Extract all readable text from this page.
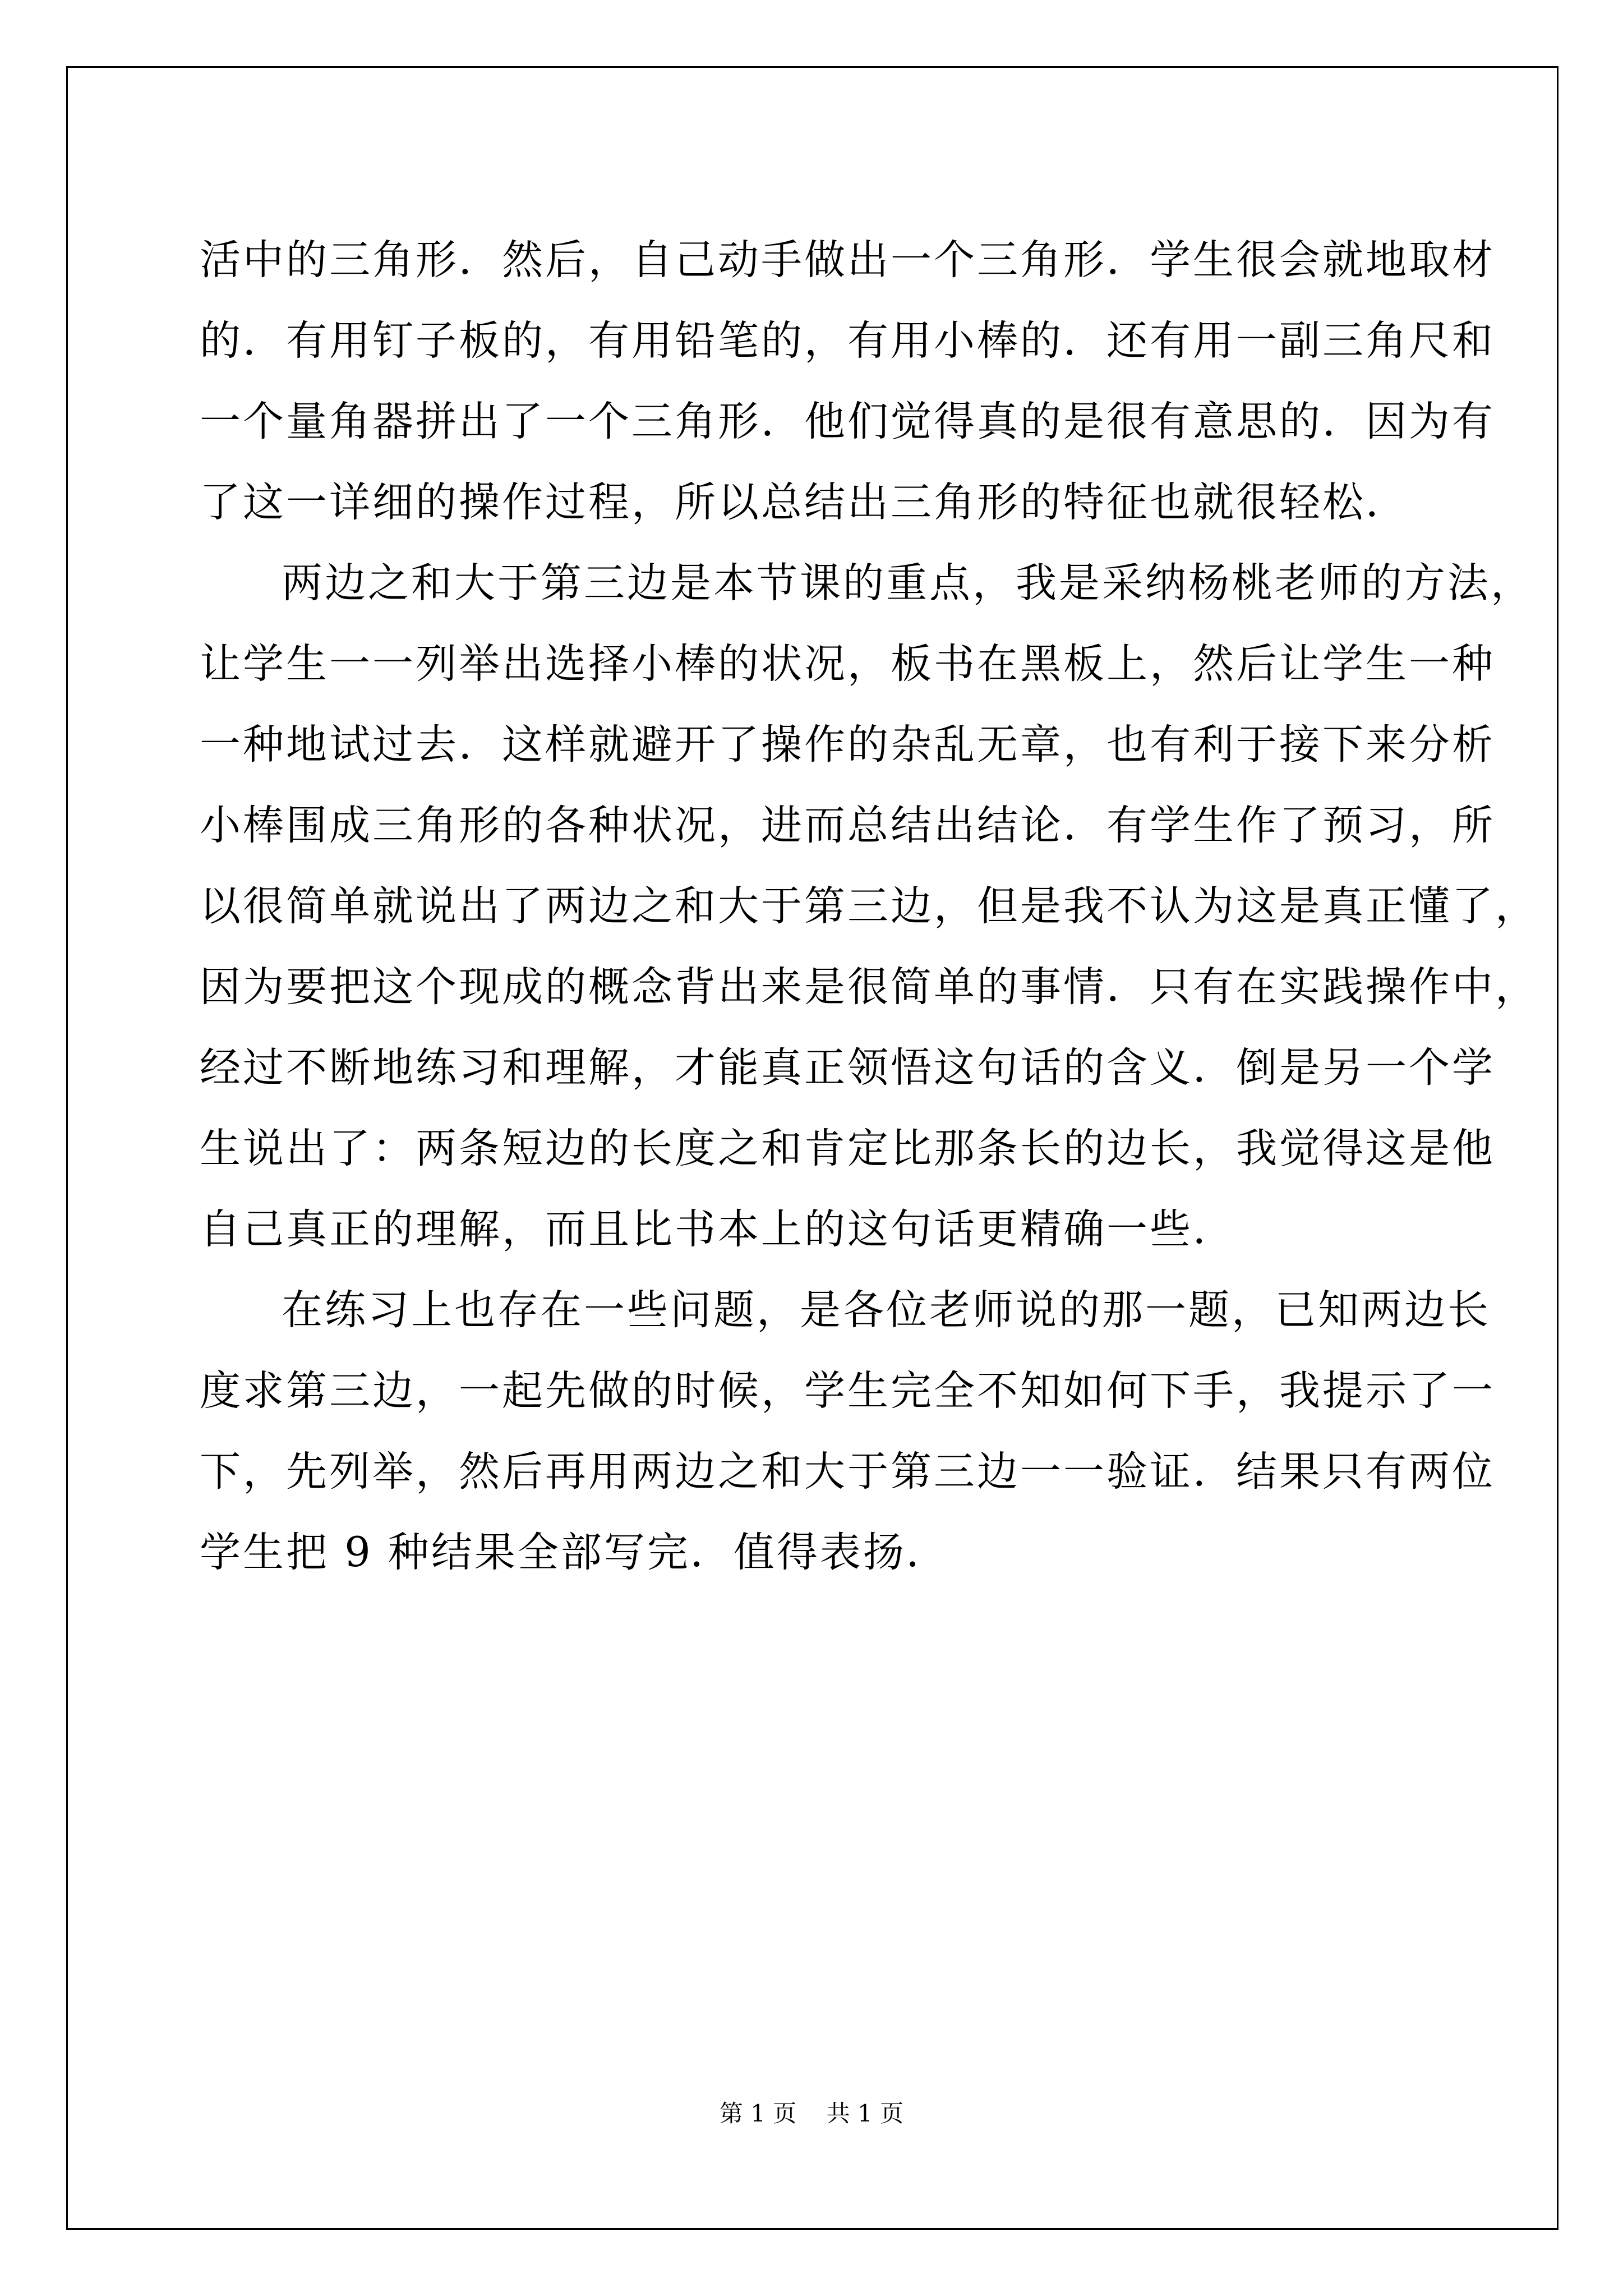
活中的三角形．然后，自己动手做出一个三角形．学生很会就地取材
的．有用钉子板的，有用铅笔的，有用小棒的．还有用一副三角尺和
一个量角器拼出了一个三角形．他们觉得真的是很有意思的．因为有
了这一详细的操作过程，所以总结出三角形的特征也就很轻松．
两边之和大于第三边是本节课的重点，我是采纳杨桃老师的方法，
让学生一一列举出选择小棒的状况，板书在黑板上，然后让学生一种
一种地试过去．这样就避开了操作的杂乱无章，也有利于接下来分析
小棒围成三角形的各种状况，进而总结出结论．有学生作了预习，所
以很简单就说出了两边之和大于第三边，但是我不认为这是真正懂了，
因为要把这个现成的概念背出来是很简单的事情．只有在实践操作中，
经过不断地练习和理解，才能真正领悟这句话的含义．倒是另一个学
生说出了：两条短边的长度之和肯定比那条长的边长，我觉得这是他
自己真正的理解，而且比书本上的这句话更精确一些．
在练习上也存在一些问题，是各位老师说的那一题，已知两边长
度求第三边，一起先做的时候，学生完全不知如何下手，我提示了一
下，先列举，然后再用两边之和大于第三边一一验证．结果只有两位
学生把 9 种结果全部写完．值得表扬．
第 1 页    共 1 页
